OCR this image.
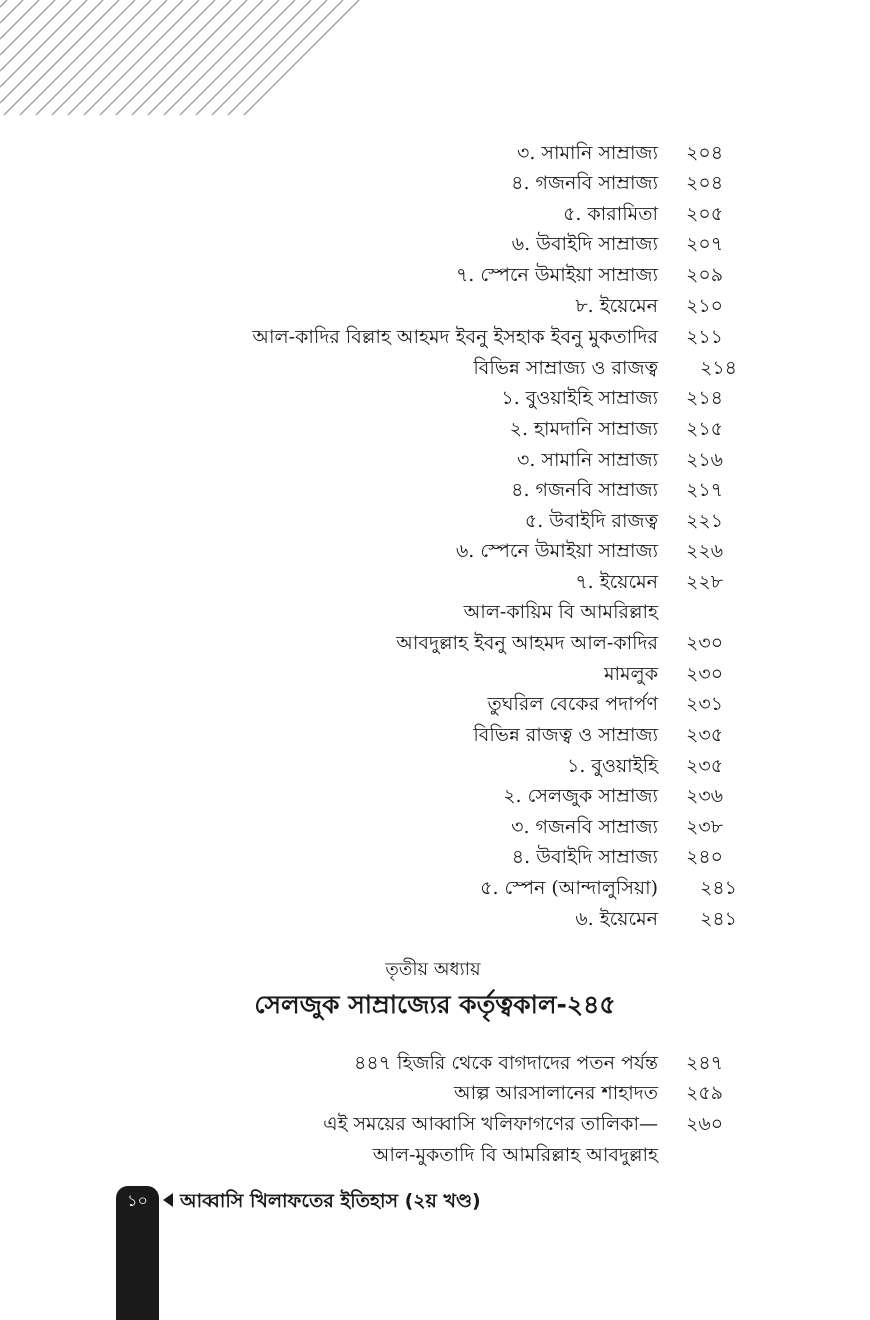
৩. সামানি সাম্রাজ্য ২০৪
৪. গজনবি সাম্রাজ্য ২০৪
৫. কারামিতা ২০৫
৬. উবাইদি সাম্রাজ্য ২০৭
৭. স্পেনে উমাইয়া সাম্রাজ্য ২০৯
৮. ইয়েমেন ২১০
আল-কাদির বিল্লাহ আহমদ ইবনু ইসহাক ইবনু মুকতাদির ২১১
বিভিন্ন সাম্রাজ্য ও রাজত্ব ২১৪
১. বুওয়াইহি সাম্রাজ্য ২১৪
২. হামদানি সাম্রাজ্য ২১৫
৩. সামানি সাম্রাজ্য ২১৬
৪. গজনবি সাম্রাজ্য ২১৭
৫. উবাইদি রাজত্ব ২২১
৬. স্পেনে উমাইয়া সাম্রাজ্য ২২৬
৭. ইয়েমেন ২২৮
আল-কায়িম বি আমরিল্লাহ
আবদুল্লাহ ইবনু আহমদ আল-কাদির ২৩০
মামলুক ২৩০
তুঘরিল বেকের পদার্পণ ২৩১
বিভিন্ন রাজত্ব ও সাম্রাজ্য ২৩৫
১. বুওয়াইহি ২৩৫
২. সেলজুক সাম্রাজ্য ২৩৬
৩. গজনবি সাম্রাজ্য ২৩৮
৪. উবাইদি সাম্রাজ্য ২৪০
৫. স্পেন (আন্দালুসিয়া) ২৪১
৬. ইয়েমেন ২৪১
তৃতীয় অধ্যায়
সেলজুক সাম্রাজ্যের কর্তৃত্বকাল-২৪৫
৪৪৭ হিজরি থেকে বাগদাদের পতন পর্যন্ত ২৪৭
আল্প আরসালানের শাহাদত ২৫৯
এই সময়ের আব্বাসি খলিফাগণের তালিকা— ২৬০
আল-মুকতাদি বি আমরিল্লাহ আবদুল্লাহ
১০	আব্বাসি খিলাফতের ইতিহাস (২য় খণ্ড)
